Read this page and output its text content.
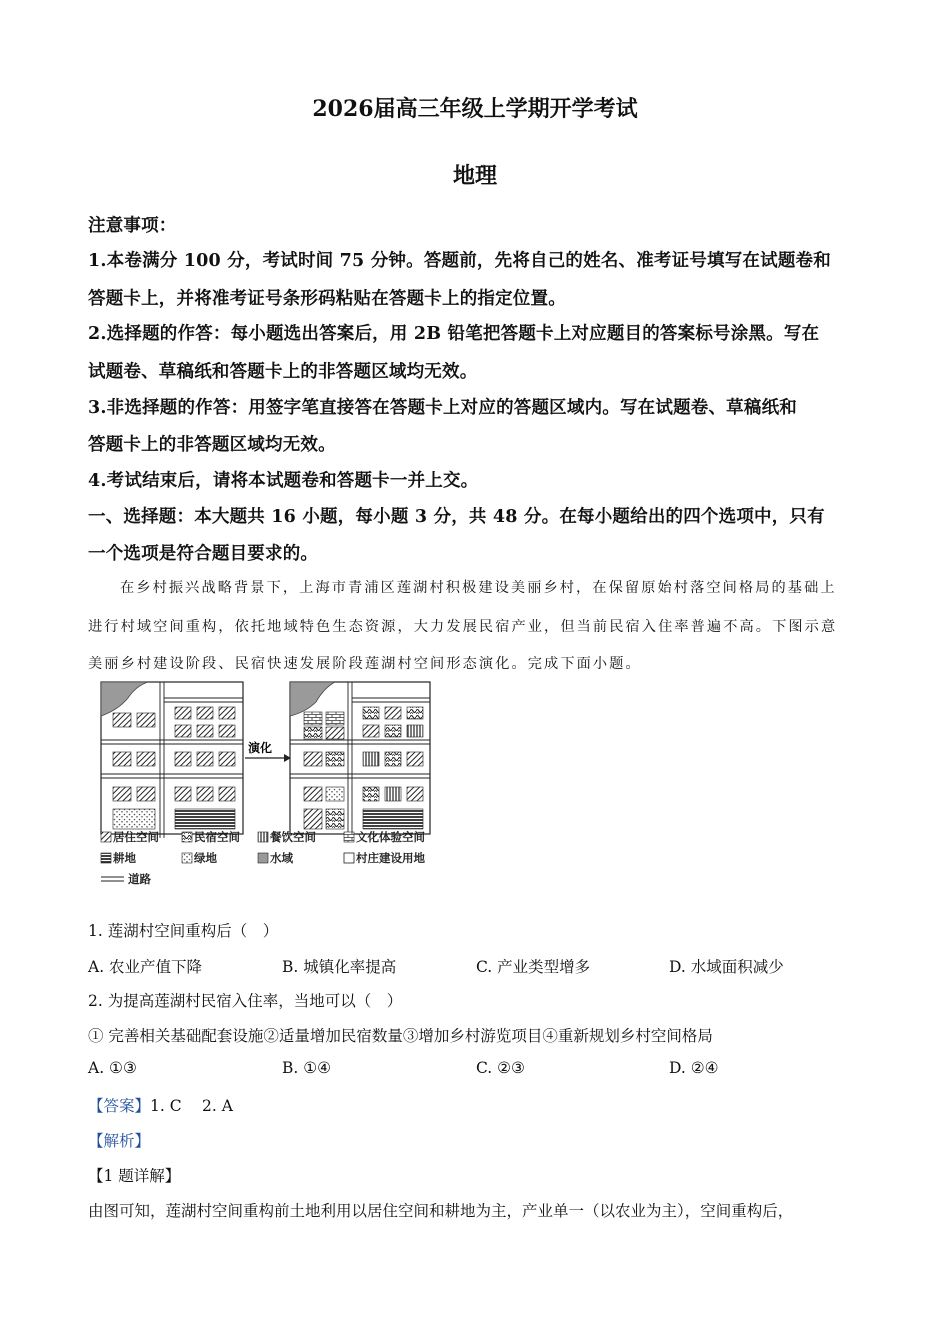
2026届高三年级上学期开学考试
地理
注意事项：
1.本卷满分 100 分，考试时间 75 分钟。答题前，先将自己的姓名、准考证号填写在试题卷和
答题卡上，并将准考证号条形码粘贴在答题卡上的指定位置。
2.选择题的作答：每小题选出答案后，用 2B 铅笔把答题卡上对应题目的答案标号涂黑。写在
试题卷、草稿纸和答题卡上的非答题区域均无效。
3.非选择题的作答：用签字笔直接答在答题卡上对应的答题区域内。写在试题卷、草稿纸和
答题卡上的非答题区域均无效。
4.考试结束后，请将本试题卷和答题卡一并上交。
一、选择题：本大题共 16 小题，每小题 3 分，共 48 分。在每小题给出的四个选项中，只有
一个选项是符合题目要求的。
在乡村振兴战略背景下，上海市青浦区莲湖村积极建设美丽乡村，在保留原始村落空间格局的基础上
进行村域空间重构，依托地域特色生态资源，大力发展民宿产业，但当前民宿入住率普遍不高。下图示意
美丽乡村建设阶段、民宿快速发展阶段莲湖村空间形态演化。完成下面小题。
演化
居住空间	民宿空间	餐饮空间	文化体验空间
耕地	绿地	水域	村庄建设用地
道路
1. 莲湖村空间重构后（　）
A. 农业产值下降	B. 城镇化率提高	C. 产业类型增多	D. 水域面积减少
2. 为提高莲湖村民宿入住率，当地可以（　）
① 完善相关基础配套设施②适量增加民宿数量③增加乡村游览项目④重新规划乡村空间格局
A. ①③	B. ①④	C. ②③	D. ②④
【答案】1. C　 2. A
【解析】
【1 题详解】
由图可知，莲湖村空间重构前土地利用以居住空间和耕地为主，产业单一（以农业为主），空间重构后，
